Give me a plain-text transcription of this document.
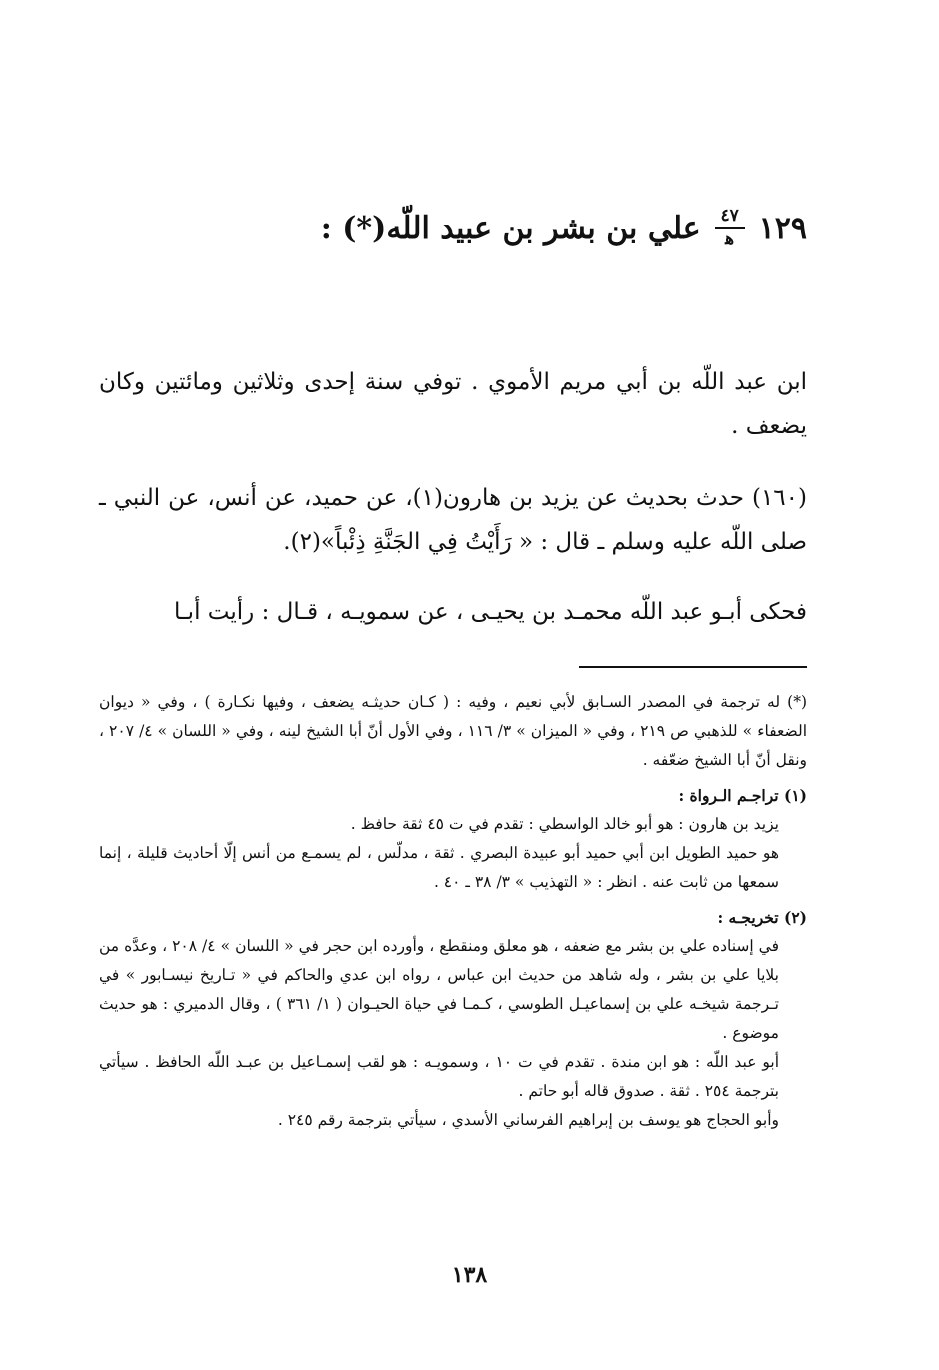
١٢٩
$\frac{٤٧}{\text{ﻫ}}$
علي بن بشر بن عبيد اللّه(*) :

ابن عبد اللّه بن أبي مريم الأموي . توفي سنة إحدى وثلاثين ومائتين وكان يضعف .

(١٦٠) حدث بحديث عن يزيد بن هارون(١)، عن حميد، عن أنس، عن النبي ـ صلى اللّه عليه وسلم ـ قال : « رَأَيْتُ فِي الجَنَّةِ ذِئْباً»(٢).

فحكى أبـو عبد اللّه محمـد بن يحيـى ، عن سمويـه ، قـال : رأيت أبـا

(*) له ترجمة في المصدر السـابق لأبي نعيم ، وفيه : ( كـان حديثـه يضعف ، وفيها نكـارة ) ، وفي « ديوان الضعفاء » للذهبي ص ٢١٩ ، وفي « الميزان » ٣/ ١١٦ ، وفي الأول أنّ أبا الشيخ لينه ، وفي « اللسان » ٤/ ٢٠٧ ، ونقل أنّ أبا الشيخ ضعّفه .

(١) تراجـم الـرواة :

يزيد بن هارون : هو أبو خالد الواسطي : تقدم في ت ٤٥ ثقة حافظ .

هو حميد الطويل ابن أبي حميد أبو عبيدة البصري . ثقة ، مدلّس ، لم يسمـع من أنس إلّا أحاديث قليلة ، إنما سمعها من ثابت عنه . انظر : « التهذيب » ٣/ ٣٨ ـ ٤٠ .

(٢) تخريجـه :

في إسناده علي بن بشر مع ضعفه ، هو معلق ومنقطع ، وأورده ابن حجر في « اللسان » ٤/ ٢٠٨ ، وعدَّه من بلايا علي بن بشر ، وله شاهد من حديث ابن عباس ، رواه ابن عدي والحاكم في « تـاريخ نيسـابور » في تـرجمة شيخـه علي بن إسماعيـل الطوسي ، كـمـا في حياة الحيـوان ( ١/ ٣٦١ ) ، وقال الدميري : هو حديث موضوع .

أبو عبد اللّه : هو ابن مندة . تقدم في ت ١٠ ، وسمويـه : هو لقب إسمـاعيل بن عبـد اللّه الحافظ . سيأتي بترجمة ٢٥٤ . ثقة . صدوق قاله أبو حاتم .

وأبو الحجاج هو يوسف بن إبراهيم الفرساني الأسدي ، سيأتي بترجمة رقم ٢٤٥ .

١٣٨
